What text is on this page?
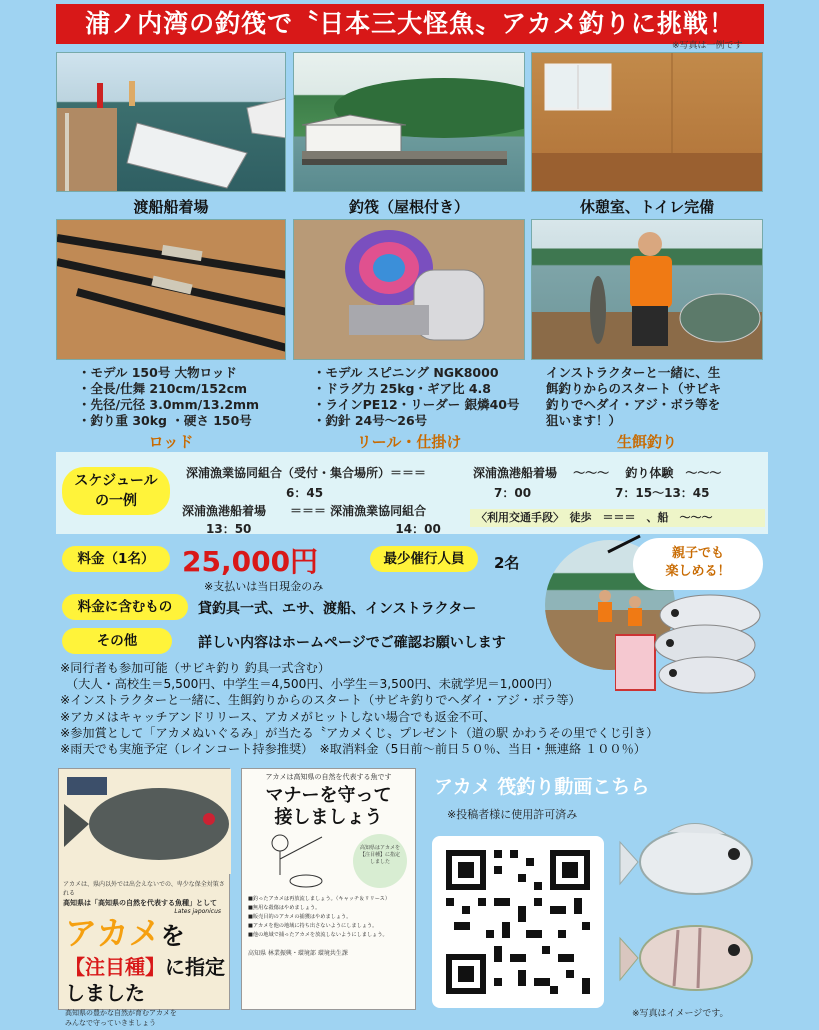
浦ノ内湾の釣筏で〝日本三大怪魚〟アカメ釣りに挑戦！
※写真は一例です
渡船船着場	釣筏（屋根付き）	休憩室、トイレ完備
・モデル 150号 大物ロッド
・全長/仕舞 210cm/152cm
・先径/元径 3.0mm/13.2mm
・釣り重 30kg ・硬さ 150号
ロッド
・モデル スピニング NGK8000
・ドラグ力 25kg・ギア比 4.8
・ラインPE12・リーダー 銀燐40号
・釣針 24号～26号
リール・仕掛け
インストラクターと一緒に、生
餌釣りからのスタート（サビキ
釣りでヘダイ・アジ・ボラ等を
狙います！）
生餌釣り
スケジュール
の一例
深浦漁業協同組合（受付・集合場所）＝＝＝
6：45
深浦漁港船着場　　＝＝＝ 深浦漁業協同組合
13：50　　　　　　　　　　　　14：00
深浦漁港船着場　 ～～～　 釣り体験　～～～
7：00　　　　　　　7：15～13：45
〈利用交通手段〉　徒歩　＝＝＝　、船　～～～
料金（1名） 25,000円
※支払いは当日現金のみ
最少催行人員	2名
料金に含むもの	貸釣具一式、エサ、渡船、インストラクター
その他	詳しい内容はホームページでご確認お願いします
親子でも
楽しめる！
※同行者も参加可能（サビキ釣り 釣具一式含む）
（大人・高校生＝5,500円、中学生＝4,500円、小学生＝3,500円、未就学児＝1,000円）
※インストラクターと一緒に、生餌釣りからのスタート（サビキ釣りでヘダイ・アジ・ボラ等）
※アカメはキャッチアンドリリース、アカメがヒットしない場合でも返金不可、
※参加賞として「アカメぬいぐるみ」が当たる〝アカメくじ〟プレゼント（道の駅 かわうその里でくじ引き）
※雨天でも実施予定（レインコート持参推奨）　※取消料金（5日前～前日５０％、当日・無連絡 １００％）
アカメは、県内以外では出会えないでの、卑少な保全対策される
高知県は「高知県の自然を代表する魚種」として
Lates japonicus
アカメを
【注目種】に指定
しました
高知県の豊かな自然が育むアカメを
みんなで守っていきましょう
アカメは高知県の自然を代表する魚です
マナーを守って
接しましょう
高知県はアカメを【注目種】に指定しました
■釣ったアカメは再放流しましょう。（キャッチ＆リリース）
■無用な殺傷はやめましょう。
■販売目的のアカメの捕獲はやめましょう。
■アカメを他の地域に持ち出さないようにしましょう。
■他の地域で捕ったアカメを放流しないようにしましょう。
高知県 林業振興・環境部 環境共生課
アカメ 筏釣り動画こちら
※投稿者様に使用許可済み
※写真はイメージです。
